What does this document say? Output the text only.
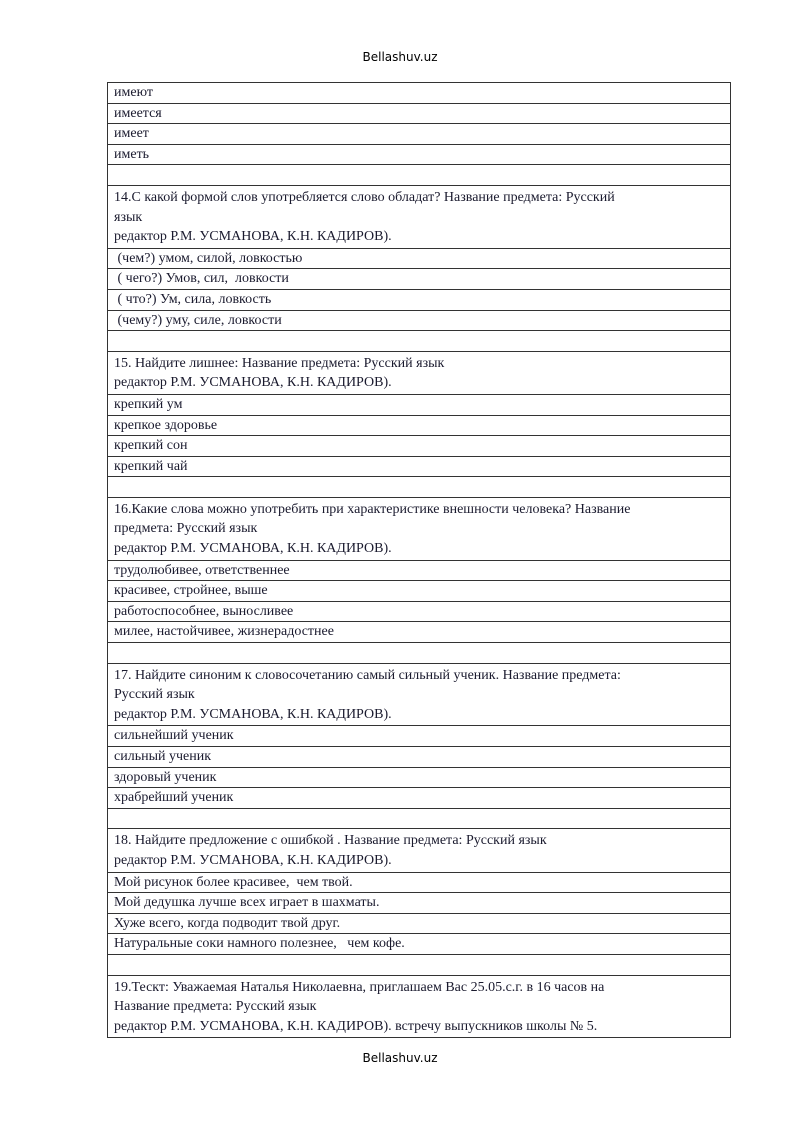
Bellashuv.uz
имеют
имеется
имеет
иметь

14.С какой формой слов употребляется слово обладат? Название предмета: Русский
язык
редактор Р.М. УСМАНОВА, К.Н. КАДИРОВ).

(чем?) умом, силой, ловкостью
( чего?) Умов, сил,  ловкости
( что?) Ум, сила, ловкость
(чему?) уму, силе, ловкости

15. Найдите лишнее: Название предмета: Русский язык
редактор Р.М. УСМАНОВА, К.Н. КАДИРОВ).

крепкий ум
крепкое здоровье
крепкий сон
крепкий чай

16.Какие слова можно употребить при характеристике внешности человека? Название
предмета: Русский язык
редактор Р.М. УСМАНОВА, К.Н. КАДИРОВ).

трудолюбивее, ответственнее
красивее, стройнее, выше
работоспособнее, выносливее
милее, настойчивее, жизнерадостнее

17. Найдите синоним к словосочетанию самый сильный ученик. Название предмета:
Русский язык
редактор Р.М. УСМАНОВА, К.Н. КАДИРОВ).

сильнейший ученик
сильный ученик
здоровый ученик
храбрейший ученик

18. Найдите предложение с ошибкой . Название предмета: Русский язык
редактор Р.М. УСМАНОВА, К.Н. КАДИРОВ).

Мой рисунок более красивее,  чем твой.
Мой дедушка лучше всех играет в шахматы.
Хуже всего, когда подводит твой друг.
Натуральные соки намного полезнее,   чем кофе.

19.Тескт: Уважаемая Наталья Николаевна, приглашаем Вас 25.05.с.г. в 16 часов на
Название предмета: Русский язык
редактор Р.М. УСМАНОВА, К.Н. КАДИРОВ). встречу выпускников школы № 5.
Bellashuv.uz
